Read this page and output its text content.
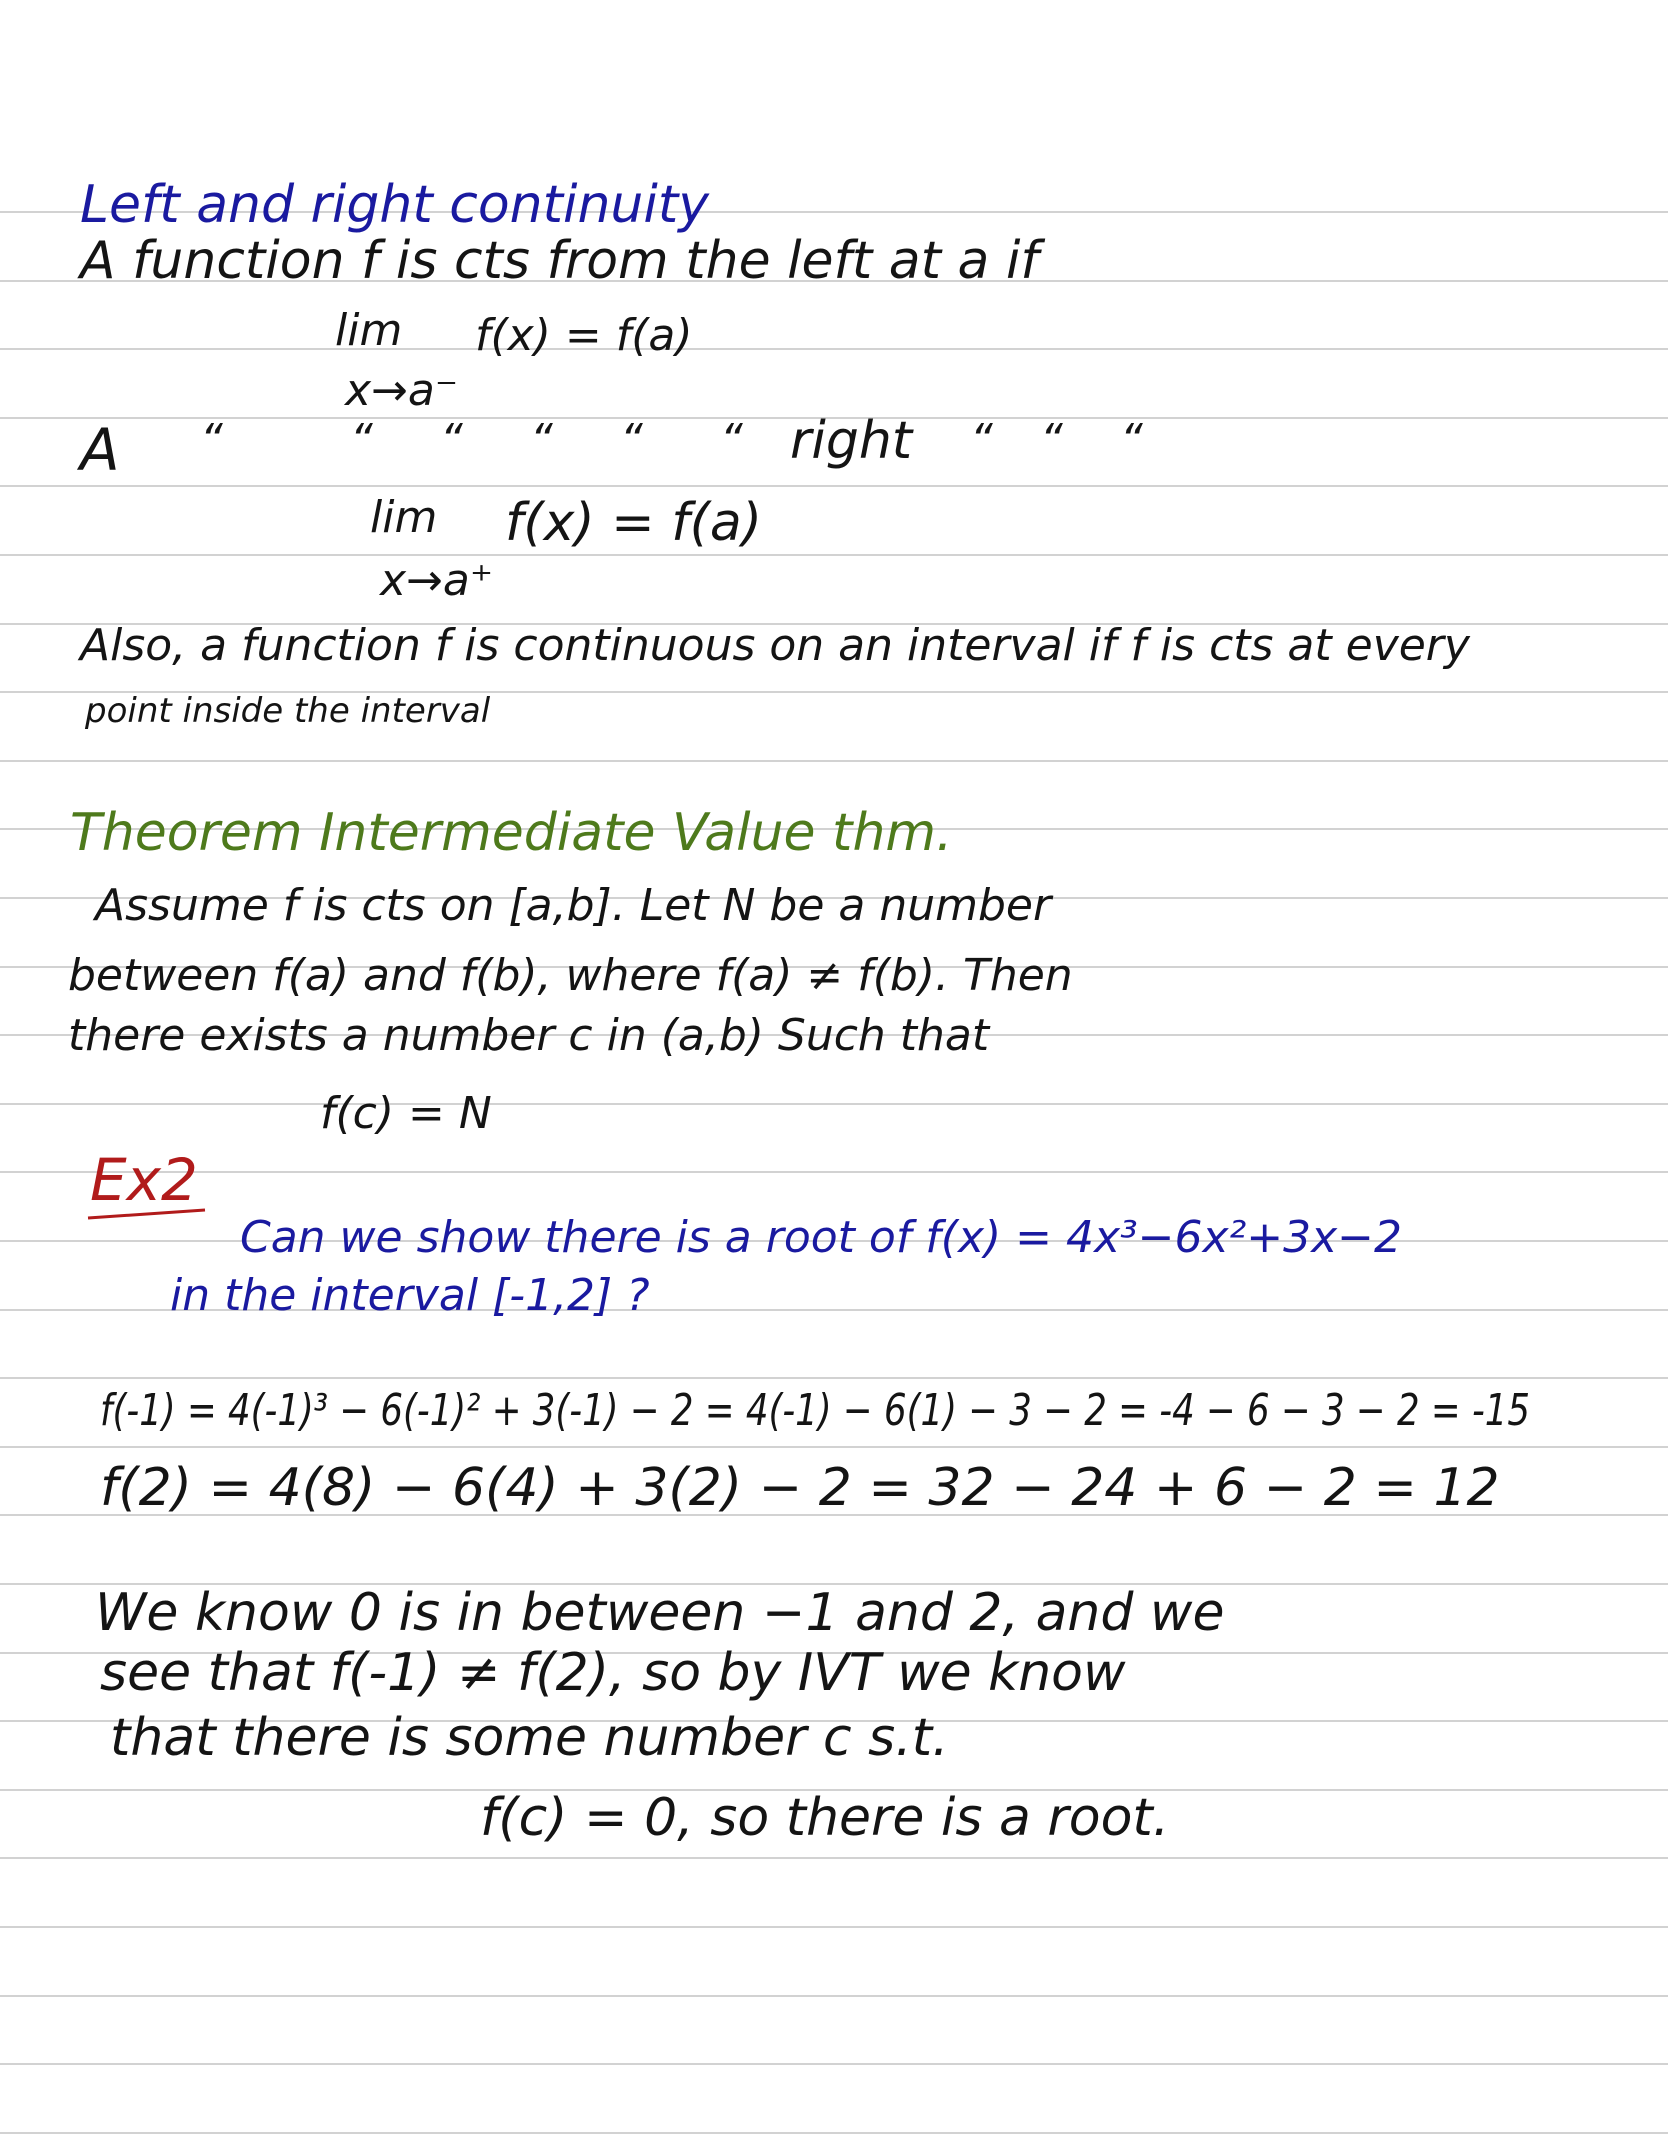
Left and right continuity
A function f is cts from the left at a if
lim f(x) = f(a)
x→a⁻
A “	“ “ “ “ “ right “ “ “
lim f(x) = f(a)
x→a⁺
Also, a function f is continuous on an interval if f is cts at every
point inside the interval
Theorem Intermediate Value thm.
Assume f is cts on [a,b]. Let N be a number
between f(a) and f(b), where f(a) ≠ f(b). Then
there exists a number c in (a,b) Such that
f(c) = N
Ex2
Can we show there is a root of f(x) = 4x³−6x²+3x−2
in the interval [-1,2] ?
f(-1) = 4(-1)³ − 6(-1)² + 3(-1) − 2 = 4(-1) − 6(1) − 3 − 2 = -4 − 6 − 3 − 2 = -15
f(2) = 4(8) − 6(4) + 3(2) − 2 = 32 − 24 + 6 − 2 = 12
We know 0 is in between −1 and 2, and we
see that f(-1) ≠ f(2), so by IVT we know
that there is some number c s.t.
f(c) = 0, so there is a root.
